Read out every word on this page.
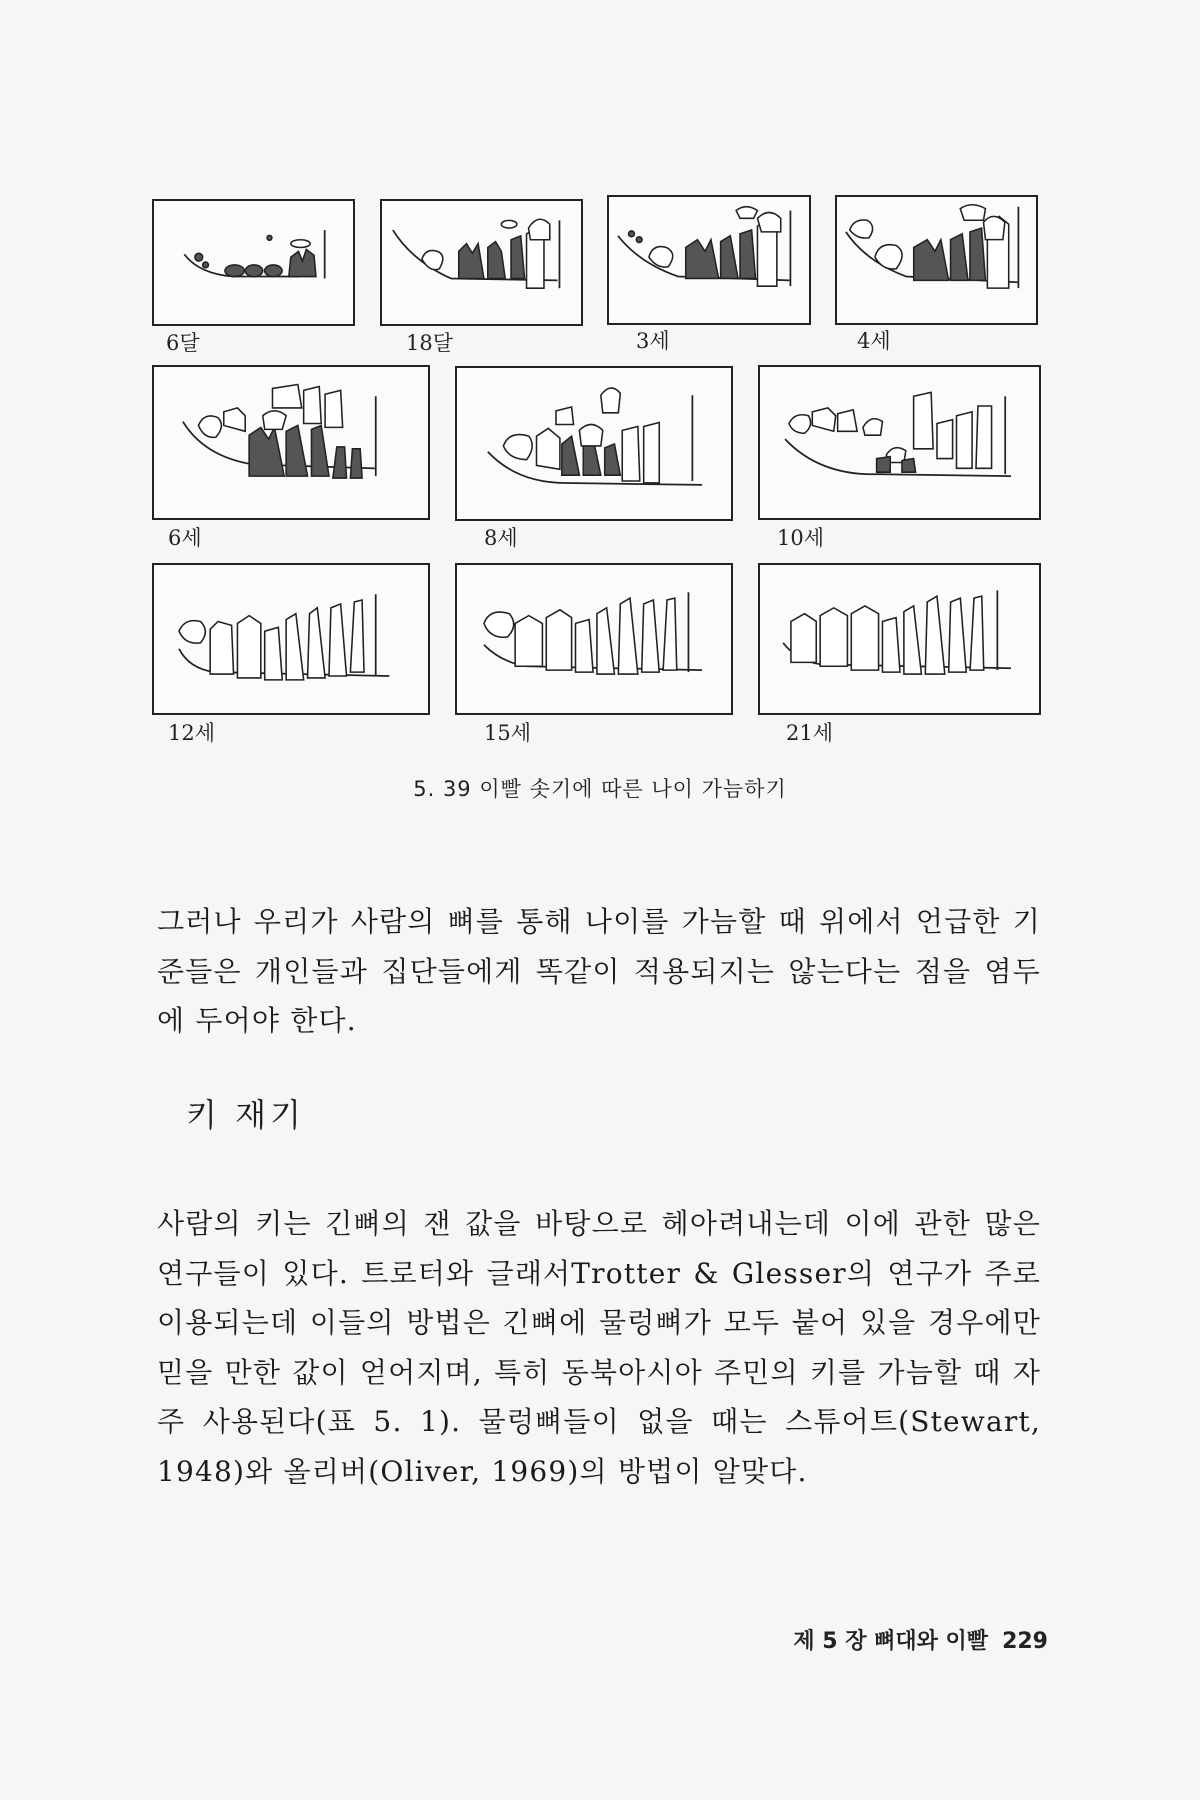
6달	18달	3세	4세
6세	8세	10세
12세	15세	21세
5. 39 이빨 솟기에 따른 나이 가늠하기
그러나 우리가 사람의 뼈를 통해 나이를 가늠할 때 위에서 언급한 기준들은 개인들과 집단들에게 똑같이 적용되지는 않는다는 점을 염두에 두어야 한다.
키 재기
사람의 키는 긴뼈의 잰 값을 바탕으로 헤아려내는데 이에 관한 많은 연구들이 있다. 트로터와 글래서Trotter & Glesser의 연구가 주로 이용되는데 이들의 방법은 긴뼈에 물렁뼈가 모두 붙어 있을 경우에만 믿을 만한 값이 얻어지며, 특히 동북아시아 주민의 키를 가늠할 때 자주 사용된다(표 5. 1). 물렁뼈들이 없을 때는 스튜어트(Stewart, 1948)와 올리버(Oliver, 1969)의 방법이 알맞다.
제 5 장 뼈대와 이빨 229
